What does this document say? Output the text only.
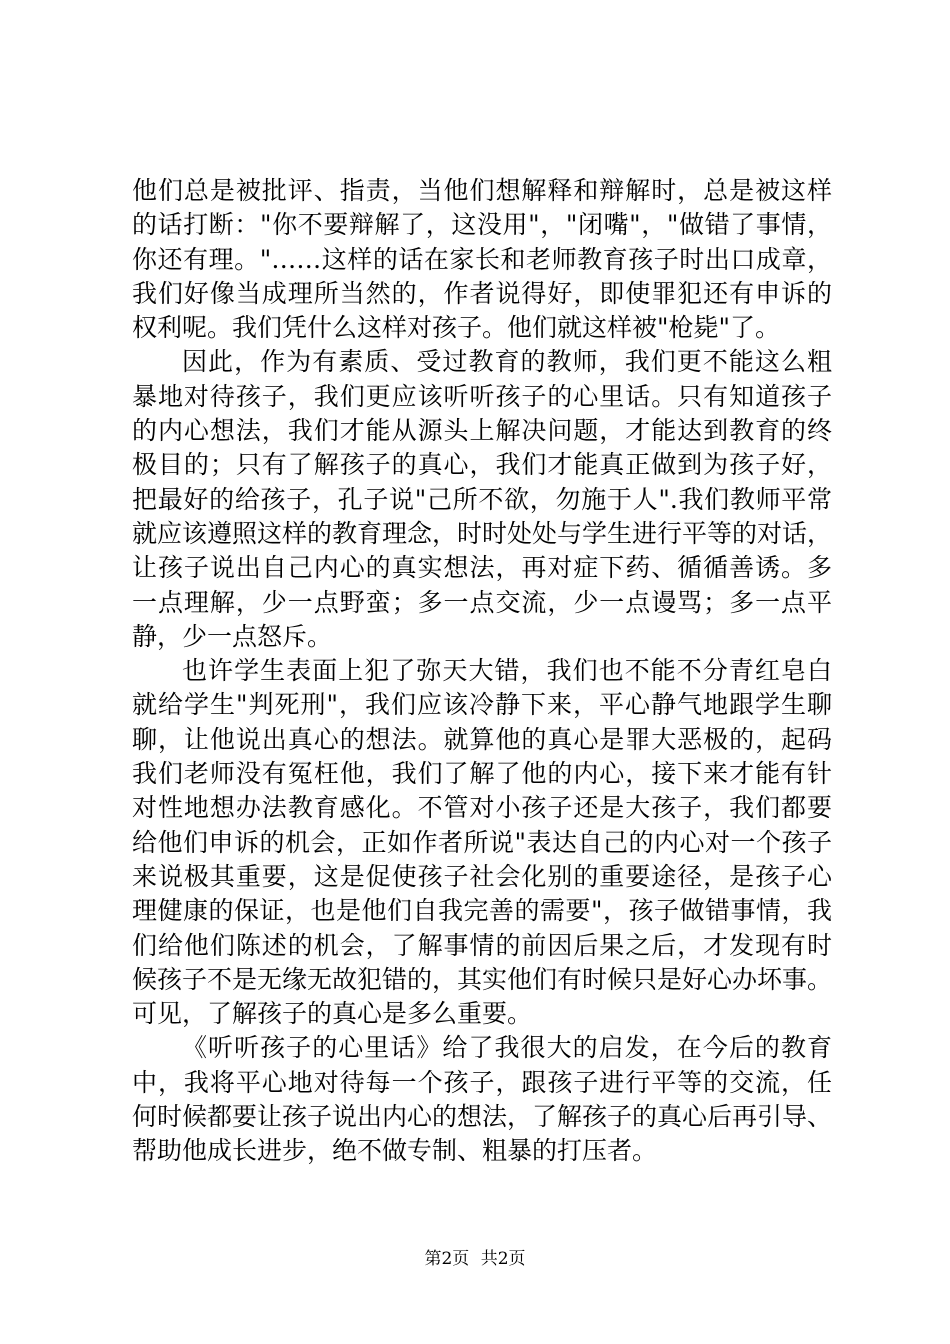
他们总是被批评、指责，当他们想解释和辩解时，总是被这样
的话打断："你不要辩解了，这没用"，"闭嘴"，"做错了事情，
你还有理。"……这样的话在家长和老师教育孩子时出口成章，
我们好像当成理所当然的，作者说得好，即使罪犯还有申诉的
权利呢。我们凭什么这样对孩子。他们就这样被"枪毙"了。
因此，作为有素质、受过教育的教师，我们更不能这么粗
暴地对待孩子，我们更应该听听孩子的心里话。只有知道孩子
的内心想法，我们才能从源头上解决问题，才能达到教育的终
极目的；只有了解孩子的真心，我们才能真正做到为孩子好，
把最好的给孩子，孔子说"己所不欲，勿施于人".我们教师平常
就应该遵照这样的教育理念，时时处处与学生进行平等的对话，
让孩子说出自己内心的真实想法，再对症下药、循循善诱。多
一点理解，少一点野蛮；多一点交流，少一点谩骂；多一点平
静，少一点怒斥。
也许学生表面上犯了弥天大错，我们也不能不分青红皂白
就给学生"判死刑"，我们应该冷静下来，平心静气地跟学生聊
聊，让他说出真心的想法。就算他的真心是罪大恶极的，起码
我们老师没有冤枉他，我们了解了他的内心，接下来才能有针
对性地想办法教育感化。不管对小孩子还是大孩子，我们都要
给他们申诉的机会，正如作者所说"表达自己的内心对一个孩子
来说极其重要，这是促使孩子社会化别的重要途径，是孩子心
理健康的保证，也是他们自我完善的需要"，孩子做错事情，我
们给他们陈述的机会，了解事情的前因后果之后，才发现有时
候孩子不是无缘无故犯错的，其实他们有时候只是好心办坏事。
可见，了解孩子的真心是多么重要。
《听听孩子的心里话》给了我很大的启发，在今后的教育
中，我将平心地对待每一个孩子，跟孩子进行平等的交流，任
何时候都要让孩子说出内心的想法，了解孩子的真心后再引导、
帮助他成长进步，绝不做专制、粗暴的打压者。
第2页 共2页
